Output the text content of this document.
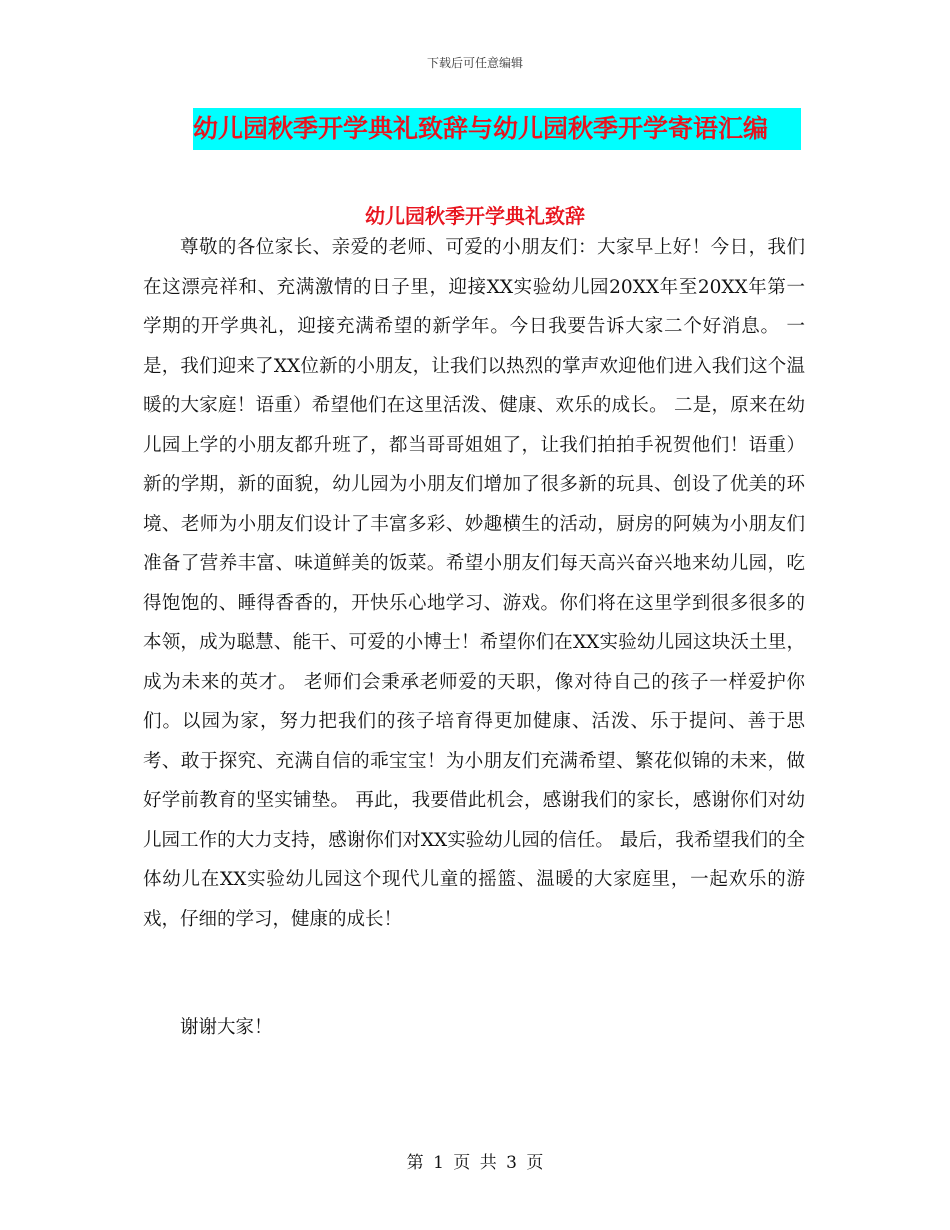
下载后可任意编辑
幼儿园秋季开学典礼致辞与幼儿园秋季开学寄语汇编
幼儿园秋季开学典礼致辞

尊敬的各位家长、亲爱的老师、可爱的小朋友们：大家早上好！今日，我们在这漂亮祥和、充满激情的日子里，迎接XX实验幼儿园20XX年至20XX年第一学期的开学典礼，迎接充满希望的新学年。今日我要告诉大家二个好消息。 一是，我们迎来了XX位新的小朋友，让我们以热烈的掌声欢迎他们进入我们这个温暖的大家庭！语重）希望他们在这里活泼、健康、欢乐的成长。 二是，原来在幼儿园上学的小朋友都升班了，都当哥哥姐姐了，让我们拍拍手祝贺他们！语重） 新的学期，新的面貌，幼儿园为小朋友们增加了很多新的玩具、创设了优美的环境、老师为小朋友们设计了丰富多彩、妙趣横生的活动，厨房的阿姨为小朋友们准备了营养丰富、味道鲜美的饭菜。希望小朋友们每天高兴奋兴地来幼儿园，吃得饱饱的、睡得香香的，开快乐心地学习、游戏。你们将在这里学到很多很多的本领，成为聪慧、能干、可爱的小博士！希望你们在XX实验幼儿园这块沃土里，成为未来的英才。 老师们会秉承老师爱的天职，像对待自己的孩子一样爱护你们。以园为家，努力把我们的孩子培育得更加健康、活泼、乐于提问、善于思考、敢于探究、充满自信的乖宝宝！为小朋友们充满希望、繁花似锦的未来，做好学前教育的坚实铺垫。 再此，我要借此机会，感谢我们的家长，感谢你们对幼儿园工作的大力支持，感谢你们对XX实验幼儿园的信任。 最后，我希望我们的全体幼儿在XX实验幼儿园这个现代儿童的摇篮、温暖的大家庭里，一起欢乐的游戏，仔细的学习，健康的成长！

谢谢大家！

第 1 页 共 3 页
